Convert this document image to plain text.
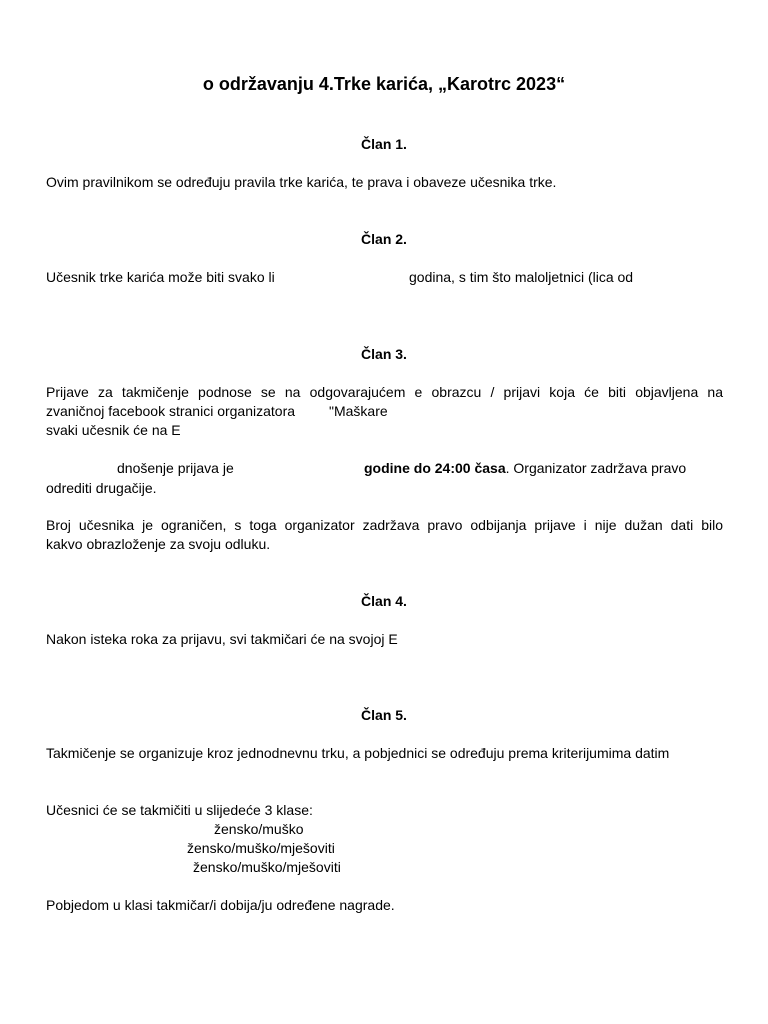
o održavanju 4.Trke karića, „Karotrc 2023“
Član 1.
Ovim pravilnikom se određuju pravila trke karića, te prava i obaveze učesnika trke.
Član 2.
Učesnik trke karića može biti svako li	godina, s tim što maloljetnici (lica od
Član 3.
Prijave za takmičenje podnose se na odgovarajućem e obrazcu / prijavi koja će biti objavljena na
zvaničnoj facebook stranici organizatora "Maškare
svaki učesnik će na E
dnošenje prijava je	godine do 24:00 časa. Organizator zadržava pravo
odrediti drugačije.
Broj učesnika je ograničen, s toga organizator zadržava pravo odbijanja prijave i nije dužan dati bilo
kakvo obrazloženje za svoju odluku.
Član 4.
Nakon isteka roka za prijavu, svi takmičari će na svojoj E
Član 5.
Takmičenje se organizuje kroz jednodnevnu trku, a pobjednici se određuju prema kriterijumima datim
Učesnici će se takmičiti u slijedeće 3 klase:
žensko/muško
žensko/muško/mješoviti
žensko/muško/mješoviti
Pobjedom u klasi takmičar/i dobija/ju određene nagrade.
